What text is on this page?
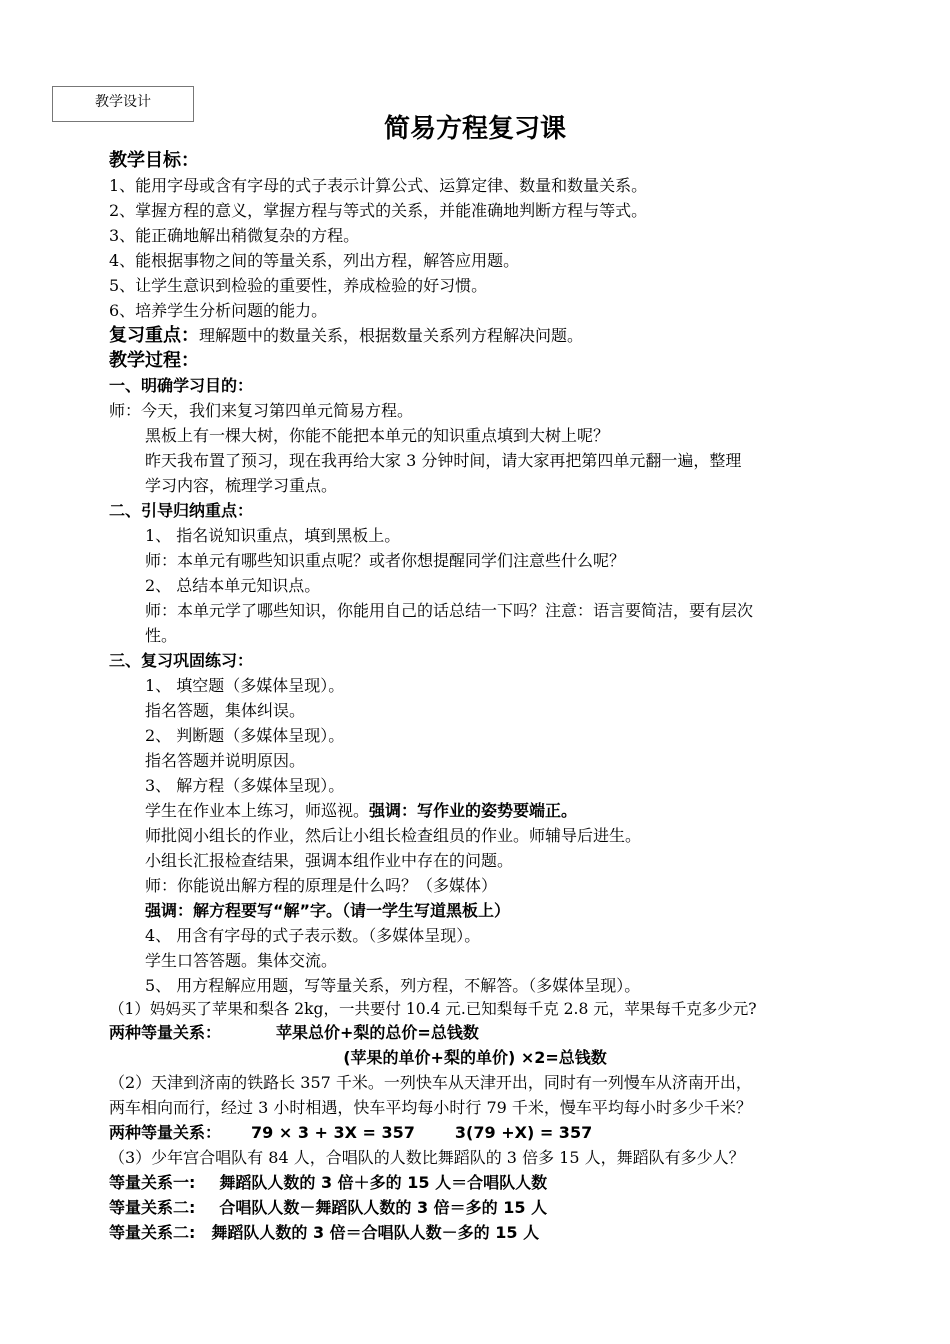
教学设计
简易方程复习课
教学目标：
1、能用字母或含有字母的式子表示计算公式、运算定律、数量和数量关系。
2、掌握方程的意义，掌握方程与等式的关系，并能准确地判断方程与等式。
3、能正确地解出稍微复杂的方程。
4、能根据事物之间的等量关系，列出方程，解答应用题。
5、让学生意识到检验的重要性，养成检验的好习惯。
6、培养学生分析问题的能力。
复习重点：理解题中的数量关系，根据数量关系列方程解决问题。
教学过程：
一、明确学习目的：
师：今天，我们来复习第四单元简易方程。
黑板上有一棵大树，你能不能把本单元的知识重点填到大树上呢？
昨天我布置了预习，现在我再给大家 3 分钟时间，请大家再把第四单元翻一遍，整理
学习内容，梳理学习重点。
二、引导归纳重点：
1、 指名说知识重点，填到黑板上。
师：本单元有哪些知识重点呢？或者你想提醒同学们注意些什么呢？
2、 总结本单元知识点。
师：本单元学了哪些知识，你能用自己的话总结一下吗？注意：语言要简洁，要有层次
性。
三、复习巩固练习：
1、 填空题（多媒体呈现）。
指名答题，集体纠误。
2、 判断题（多媒体呈现）。
指名答题并说明原因。
3、 解方程（多媒体呈现）。
学生在作业本上练习，师巡视。强调：写作业的姿势要端正。
师批阅小组长的作业，然后让小组长检查组员的作业。师辅导后进生。
小组长汇报检查结果，强调本组作业中存在的问题。
师：你能说出解方程的原理是什么吗？（多媒体）
强调：解方程要写“解”字。（请一学生写道黑板上）
4、 用含有字母的式子表示数。（多媒体呈现）。
学生口答答题。集体交流。
5、 用方程解应用题，写等量关系，列方程，不解答。（多媒体呈现）。
（1）妈妈买了苹果和梨各 2kg，一共要付 10.4 元.已知梨每千克 2.8 元，苹果每千克多少元?
两种等量关系：	苹果总价+梨的总价=总钱数
(苹果的单价+梨的单价) ×2=总钱数
（2）天津到济南的铁路长 357 千米。一列快车从天津开出，同时有一列慢车从济南开出，
两车相向而行，经过 3 小时相遇，快车平均每小时行 79 千米，慢车平均每小时多少千米？
两种等量关系： 79 × 3 + 3X = 357	3(79 +X) = 357
（3）少年宫合唱队有 84 人，合唱队的人数比舞蹈队的 3 倍多 15 人，舞蹈队有多少人？
等量关系一: 舞蹈队人数的 3 倍＋多的 15 人＝合唱队人数
等量关系二: 合唱队人数－舞蹈队人数的 3 倍＝多的 15 人
等量关系二: 舞蹈队人数的 3 倍＝合唱队人数－多的 15 人
